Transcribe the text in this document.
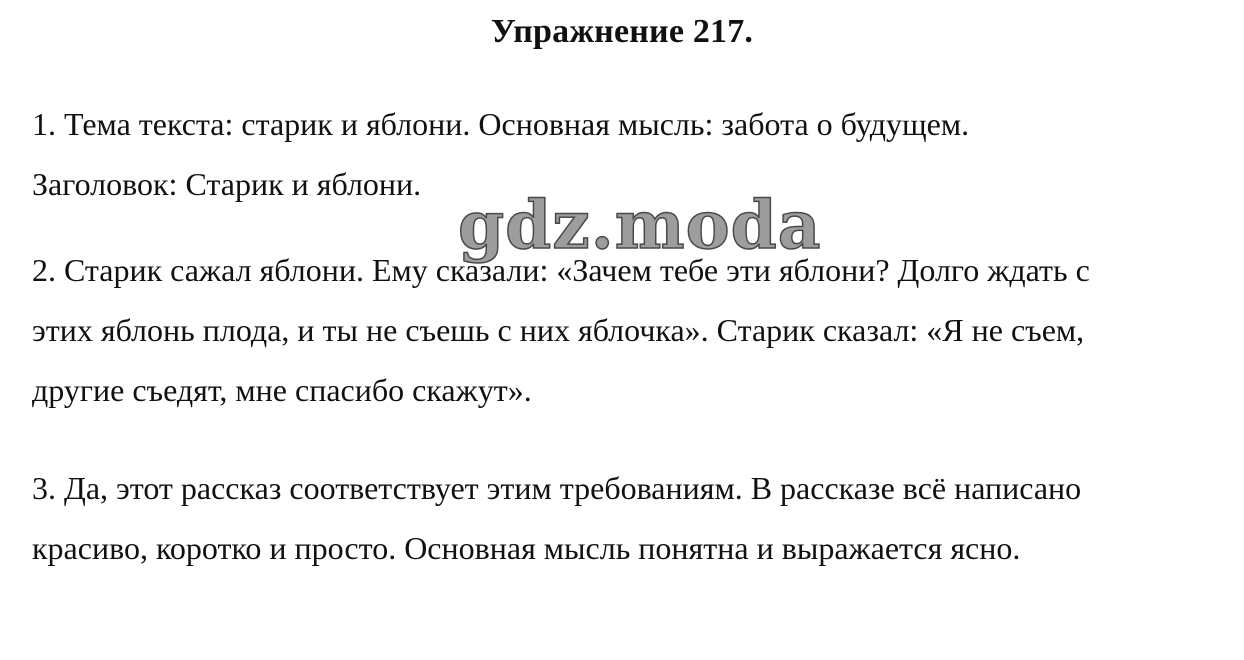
Упражнение 217.
1. Тема текста: старик и яблони. Основная мысль: забота о будущем.
Заголовок: Старик и яблони.
2. Старик сажал яблони. Ему сказали: «Зачем тебе эти яблони? Долго ждать с
этих яблонь плода, и ты не съешь с них яблочка». Старик сказал: «Я не съем,
другие съедят, мне спасибо скажут».
3. Да, этот рассказ соответствует этим требованиям. В рассказе всё написано
красиво, коротко и просто. Основная мысль понятна и выражается ясно.
gdz.moda
